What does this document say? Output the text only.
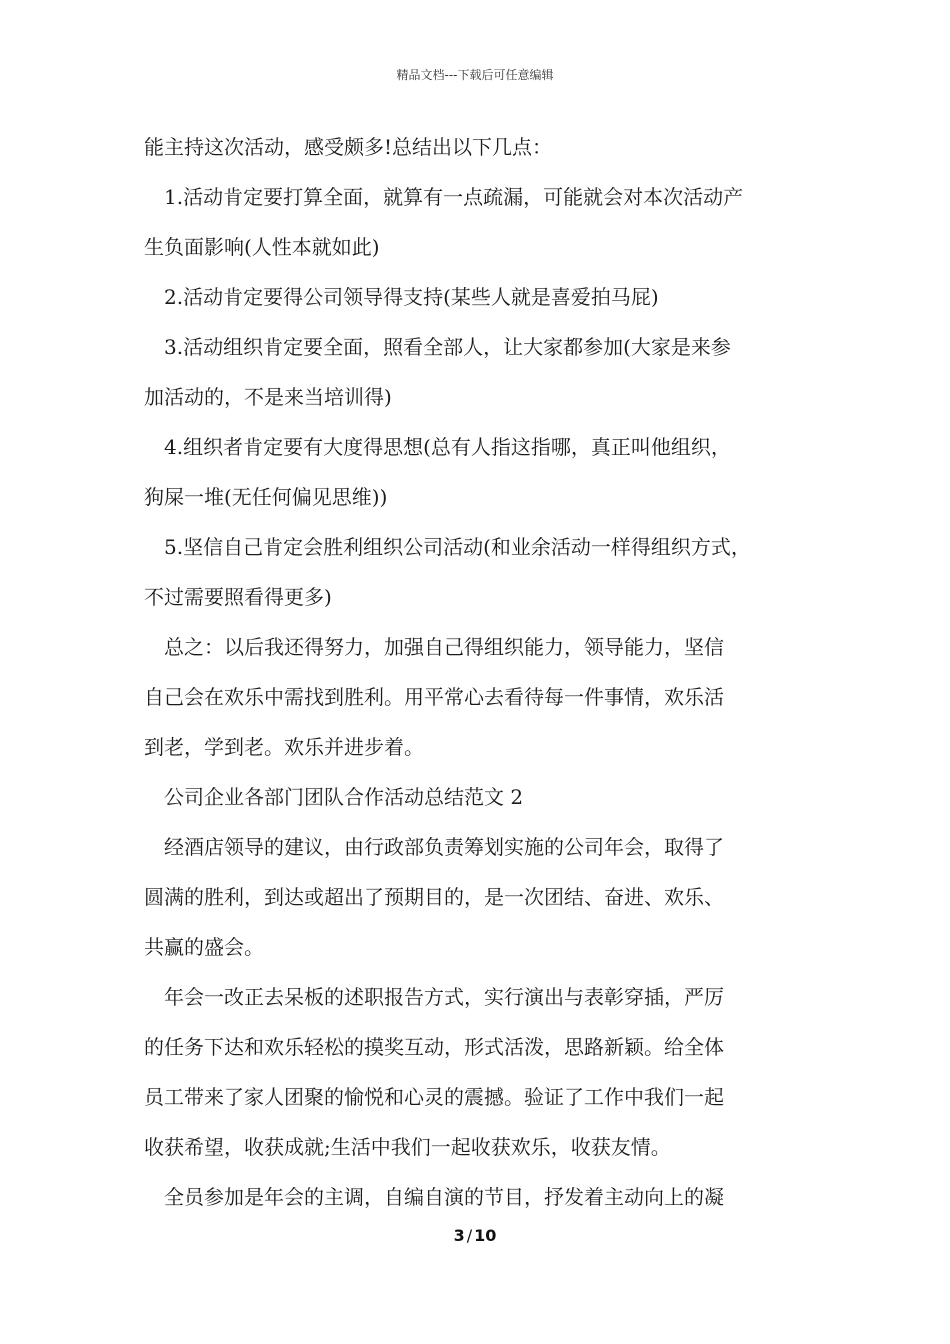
精品文档---下载后可任意编辑
能主持这次活动，感受颇多!总结出以下几点：
1.活动肯定要打算全面，就算有一点疏漏，可能就会对本次活动产
生负面影响(人性本就如此)
2.活动肯定要得公司领导得支持(某些人就是喜爱拍马屁)
3.活动组织肯定要全面，照看全部人，让大家都参加(大家是来参
加活动的，不是来当培训得)
4.组织者肯定要有大度得思想(总有人指这指哪，真正叫他组织，
狗屎一堆(无任何偏见思维))
5.坚信自己肯定会胜利组织公司活动(和业余活动一样得组织方式，
不过需要照看得更多)
总之：以后我还得努力，加强自己得组织能力，领导能力，坚信
自己会在欢乐中需找到胜利。用平常心去看待每一件事情，欢乐活
到老，学到老。欢乐并进步着。
公司企业各部门团队合作活动总结范文 2
经酒店领导的建议，由行政部负责筹划实施的公司年会，取得了
圆满的胜利，到达或超出了预期目的，是一次团结、奋进、欢乐、
共赢的盛会。
年会一改正去呆板的述职报告方式，实行演出与表彰穿插，严厉
的任务下达和欢乐轻松的摸奖互动，形式活泼，思路新颖。给全体
员工带来了家人团聚的愉悦和心灵的震撼。验证了工作中我们一起
收获希望，收获成就;生活中我们一起收获欢乐，收获友情。
全员参加是年会的主调，自编自演的节目，抒发着主动向上的凝
3 / 10
